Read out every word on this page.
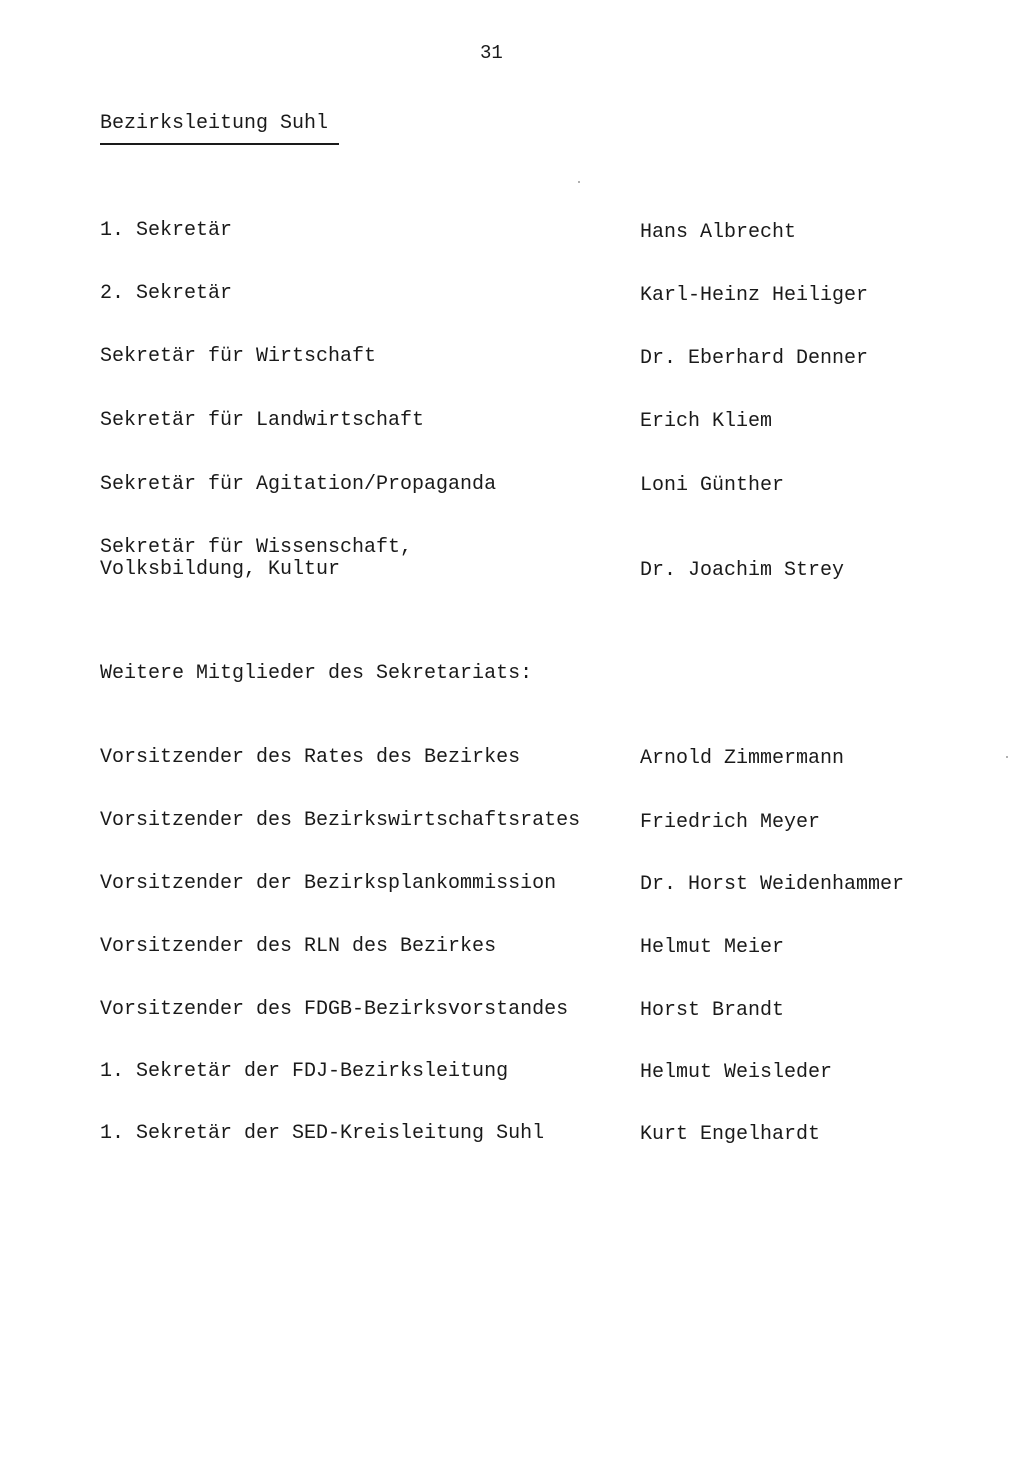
31
Bezirksleitung Suhl
1. Sekretär	Hans Albrecht
2. Sekretär	Karl-Heinz Heiliger
Sekretär für Wirtschaft	Dr. Eberhard Denner
Sekretär für Landwirtschaft	Erich Kliem
Sekretär für Agitation/Propaganda	Loni Günther
Sekretär für Wissenschaft,
Volksbildung, Kultur	Dr. Joachim Strey
Weitere Mitglieder des Sekretariats:
Vorsitzender des Rates des Bezirkes	Arnold Zimmermann
Vorsitzender des Bezirkswirtschaftsrates	Friedrich Meyer
Vorsitzender der Bezirksplankommission	Dr. Horst Weidenhammer
Vorsitzender des RLN des Bezirkes	Helmut Meier
Vorsitzender des FDGB-Bezirksvorstandes	Horst Brandt
1. Sekretär der FDJ-Bezirksleitung	Helmut Weisleder
1. Sekretär der SED-Kreisleitung Suhl	Kurt Engelhardt
